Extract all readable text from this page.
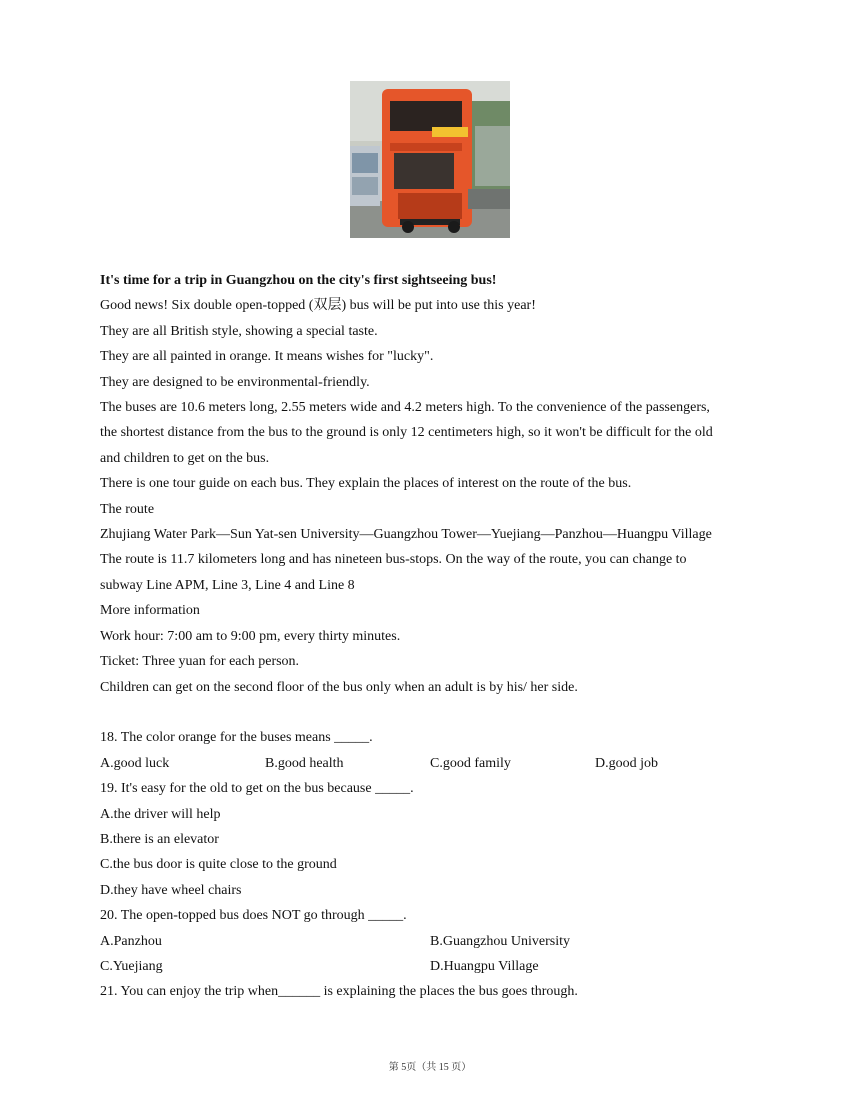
It's time for a trip in Guangzhou on the city's first sightseeing bus!
Good news! Six double open-topped (双层) bus will be put into use this year!
They are all British style, showing a special taste.
They are all painted in orange. It means wishes for "lucky".
They are designed to be environmental-friendly.
The buses are 10.6 meters long, 2.55 meters wide and 4.2 meters high. To the convenience of the passengers,
the shortest distance from the bus to the ground is only 12 centimeters high, so it won't be difficult for the old
and children to get on the bus.
There is one tour guide on each bus. They explain the places of interest on the route of the bus.
The route
Zhujiang Water Park—Sun Yat-sen University—Guangzhou Tower—Yuejiang—Panzhou—Huangpu Village
The route is 11.7 kilometers long and has nineteen bus-stops. On the way of the route, you can change to
subway Line APM, Line 3, Line 4 and Line 8
More information
Work hour: 7:00 am to 9:00 pm, every thirty minutes.
Ticket: Three yuan for each person.
Children can get on the second floor of the bus only when an adult is by his/ her side.
18. The color orange for the buses means _____.
A.good luck	B.good health	C.good family	D.good job
19. It's easy for the old to get on the bus because _____.
A.the driver will help
B.there is an elevator
C.the bus door is quite close to the ground
D.they have wheel chairs
20. The open-topped bus does NOT go through _____.
A.Panzhou	B.Guangzhou University
C.Yuejiang	D.Huangpu Village
21. You can enjoy the trip when______ is explaining the places the bus goes through.
第 5页（共 15 页）
